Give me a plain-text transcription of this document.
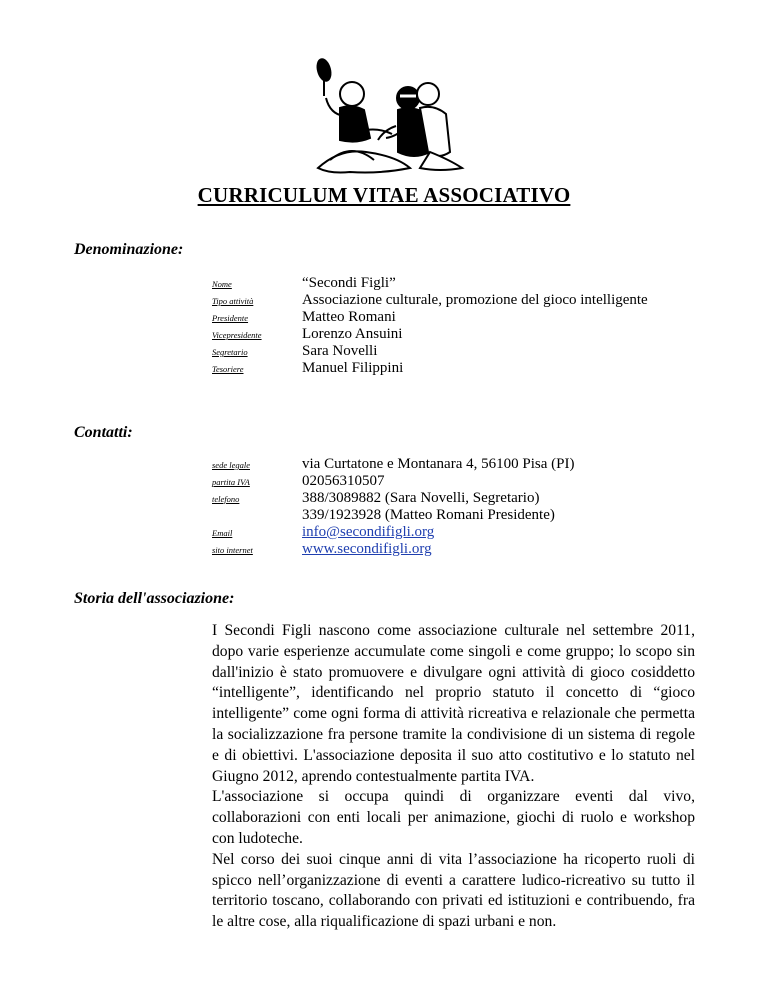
CURRICULUM VITAE ASSOCIATIVO
Denominazione:
Nome	“Secondi Figli”
Tipo attività	Associazione culturale, promozione del gioco intelligente
Presidente	Matteo Romani
Vicepresidente	Lorenzo Ansuini
Segretario	Sara Novelli
Tesoriere	Manuel Filippini
Contatti:
sede legale	via Curtatone e Montanara 4, 56100 Pisa (PI)
partita IVA	02056310507
telefono	388/3089882 (Sara Novelli, Segretario)
339/1923928 (Matteo Romani Presidente)
Email	info@secondifigli.org
sito internet	www.secondifigli.org
Storia dell'associazione:

I Secondi Figli nascono come associazione culturale nel settembre 2011, dopo varie esperienze accumulate come singoli e come gruppo; lo scopo sin dall'inizio è stato promuovere e divulgare ogni attività di gioco cosiddetto “intelligente”, identificando nel proprio statuto il concetto di “gioco intelligente” come ogni forma di attività ricreativa e relazionale che permetta la socializzazione fra persone tramite la condivisione di un sistema di regole e di obiettivi. L'associazione deposita il suo atto costitutivo e lo statuto nel Giugno 2012, aprendo contestualmente partita IVA.

L'associazione si occupa quindi di organizzare eventi dal vivo, collaborazioni con enti locali per animazione, giochi di ruolo e workshop con ludoteche.

Nel corso dei suoi cinque anni di vita l’associazione ha ricoperto ruoli di spicco nell’organizzazione di eventi a carattere ludico-ricreativo su tutto il territorio toscano, collaborando con privati ed istituzioni e contribuendo, fra le altre cose, alla riqualificazione di spazi urbani e non.
